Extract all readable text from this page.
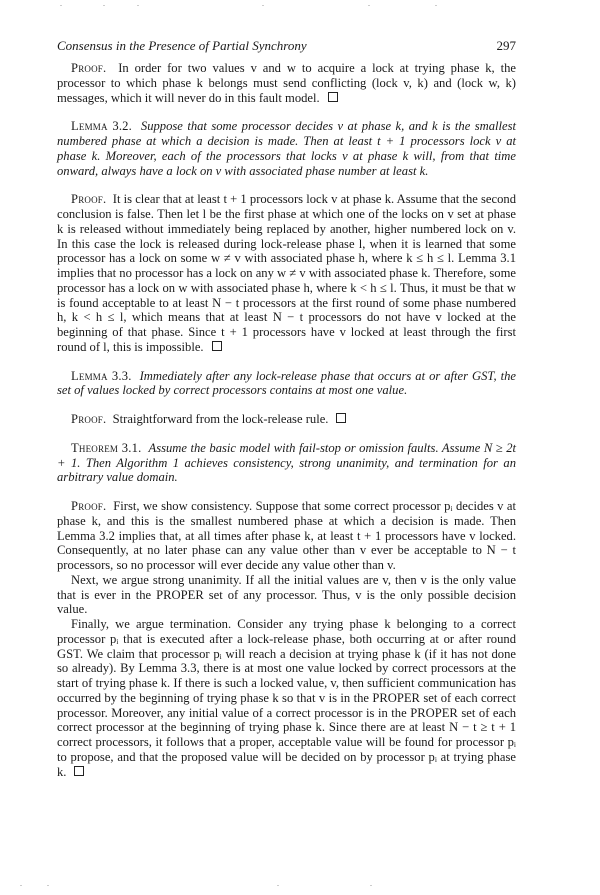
Consensus in the Presence of Partial Synchrony	297

Proof. In order for two values v and w to acquire a lock at trying phase k, the processor to which phase k belongs must send conflicting (lock v, k) and (lock w, k) messages, which it will never do in this fault model.

Lemma 3.2. Suppose that some processor decides v at phase k, and k is the smallest numbered phase at which a decision is made. Then at least t + 1 processors lock v at phase k. Moreover, each of the processors that locks v at phase k will, from that time onward, always have a lock on v with associated phase number at least k.

Proof. It is clear that at least t + 1 processors lock v at phase k. Assume that the second conclusion is false. Then let l be the first phase at which one of the locks on v set at phase k is released without immediately being replaced by another, higher numbered lock on v. In this case the lock is released during lock-release phase l, when it is learned that some processor has a lock on some w ≠ v with associated phase h, where k ≤ h ≤ l. Lemma 3.1 implies that no processor has a lock on any w ≠ v with associated phase k. Therefore, some processor has a lock on w with associated phase h, where k < h ≤ l. Thus, it must be that w is found acceptable to at least N − t processors at the first round of some phase numbered h, k < h ≤ l, which means that at least N − t processors do not have v locked at the beginning of that phase. Since t + 1 processors have v locked at least through the first round of l, this is impossible.

Lemma 3.3. Immediately after any lock-release phase that occurs at or after GST, the set of values locked by correct processors contains at most one value.

Proof. Straightforward from the lock-release rule.

Theorem 3.1. Assume the basic model with fail-stop or omission faults. Assume N ≥ 2t + 1. Then Algorithm 1 achieves consistency, strong unanimity, and termination for an arbitrary value domain.

Proof. First, we show consistency. Suppose that some correct processor pᵢ decides v at phase k, and this is the smallest numbered phase at which a decision is made. Then Lemma 3.2 implies that, at all times after phase k, at least t + 1 processors have v locked. Consequently, at no later phase can any value other than v ever be acceptable to N − t processors, so no processor will ever decide any value other than v.

Next, we argue strong unanimity. If all the initial values are v, then v is the only value that is ever in the PROPER set of any processor. Thus, v is the only possible decision value.

Finally, we argue termination. Consider any trying phase k belonging to a correct processor pᵢ that is executed after a lock-release phase, both occurring at or after round GST. We claim that processor pᵢ will reach a decision at trying phase k (if it has not done so already). By Lemma 3.3, there is at most one value locked by correct processors at the start of trying phase k. If there is such a locked value, v, then sufficient communication has occurred by the beginning of trying phase k so that v is in the PROPER set of each correct processor. Moreover, any initial value of a correct processor is in the PROPER set of each correct processor at the beginning of trying phase k. Since there are at least N − t ≥ t + 1 correct processors, it follows that a proper, acceptable value will be found for processor pᵢ to propose, and that the proposed value will be decided on by processor pᵢ at trying phase k.
